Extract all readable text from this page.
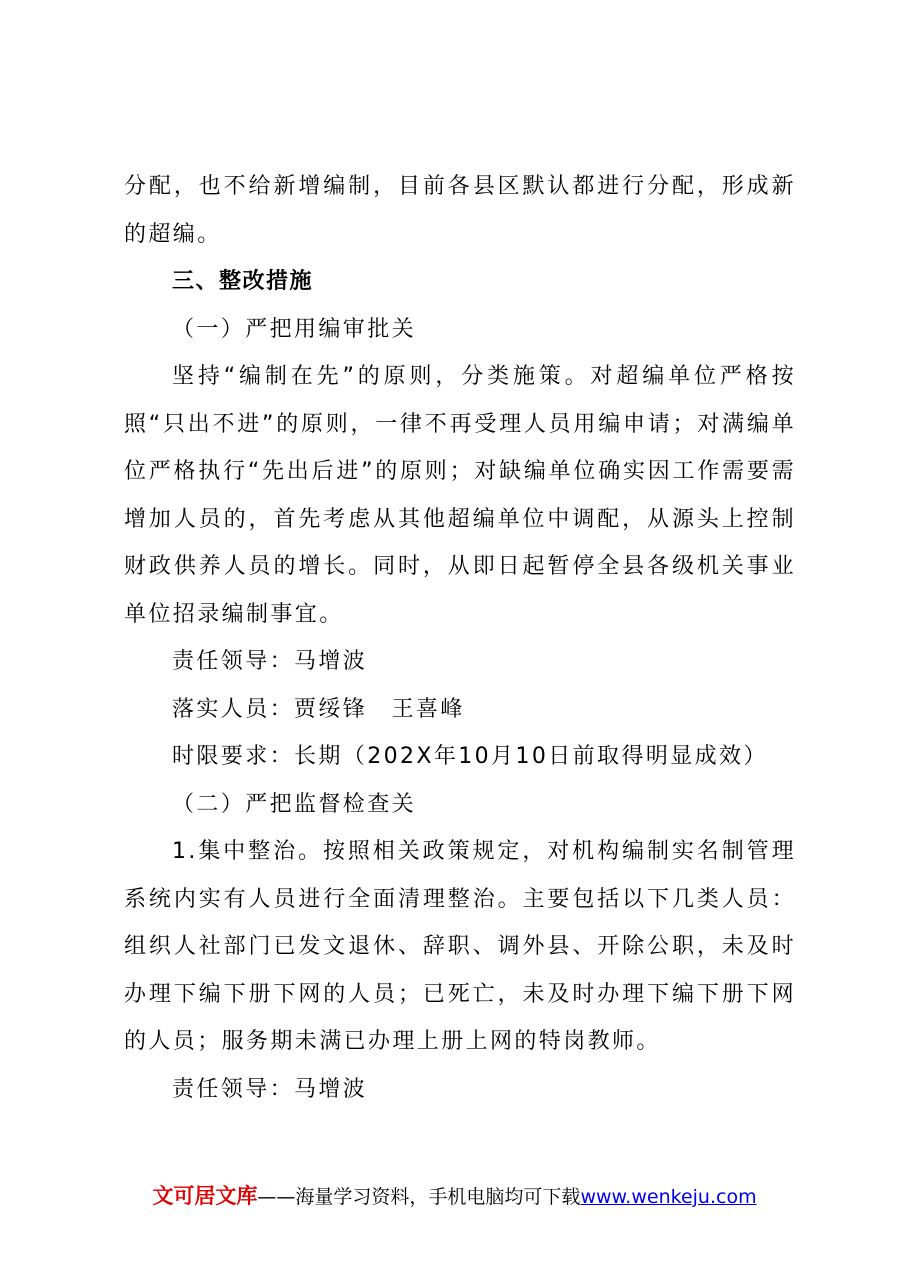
分配，也不给新增编制，目前各县区默认都进行分配，形成新的超编。

三、整改措施

（一）严把用编审批关

坚持“编制在先”的原则，分类施策。对超编单位严格按照“只出不进”的原则，一律不再受理人员用编申请；对满编单位严格执行“先出后进”的原则；对缺编单位确实因工作需要需增加人员的，首先考虑从其他超编单位中调配，从源头上控制财政供养人员的增长。同时，从即日起暂停全县各级机关事业单位招录编制事宜。

责任领导：马增波

落实人员：贾绥锋　王喜峰

时限要求：长期（202X年10月10日前取得明显成效）

（二）严把监督检查关

1.集中整治。按照相关政策规定，对机构编制实名制管理系统内实有人员进行全面清理整治。主要包括以下几类人员：组织人社部门已发文退休、辞职、调外县、开除公职，未及时办理下编下册下网的人员；已死亡，未及时办理下编下册下网的人员；服务期未满已办理上册上网的特岗教师。

责任领导：马增波

文可居文库——海量学习资料，手机电脑均可下载www.wenkeju.com
